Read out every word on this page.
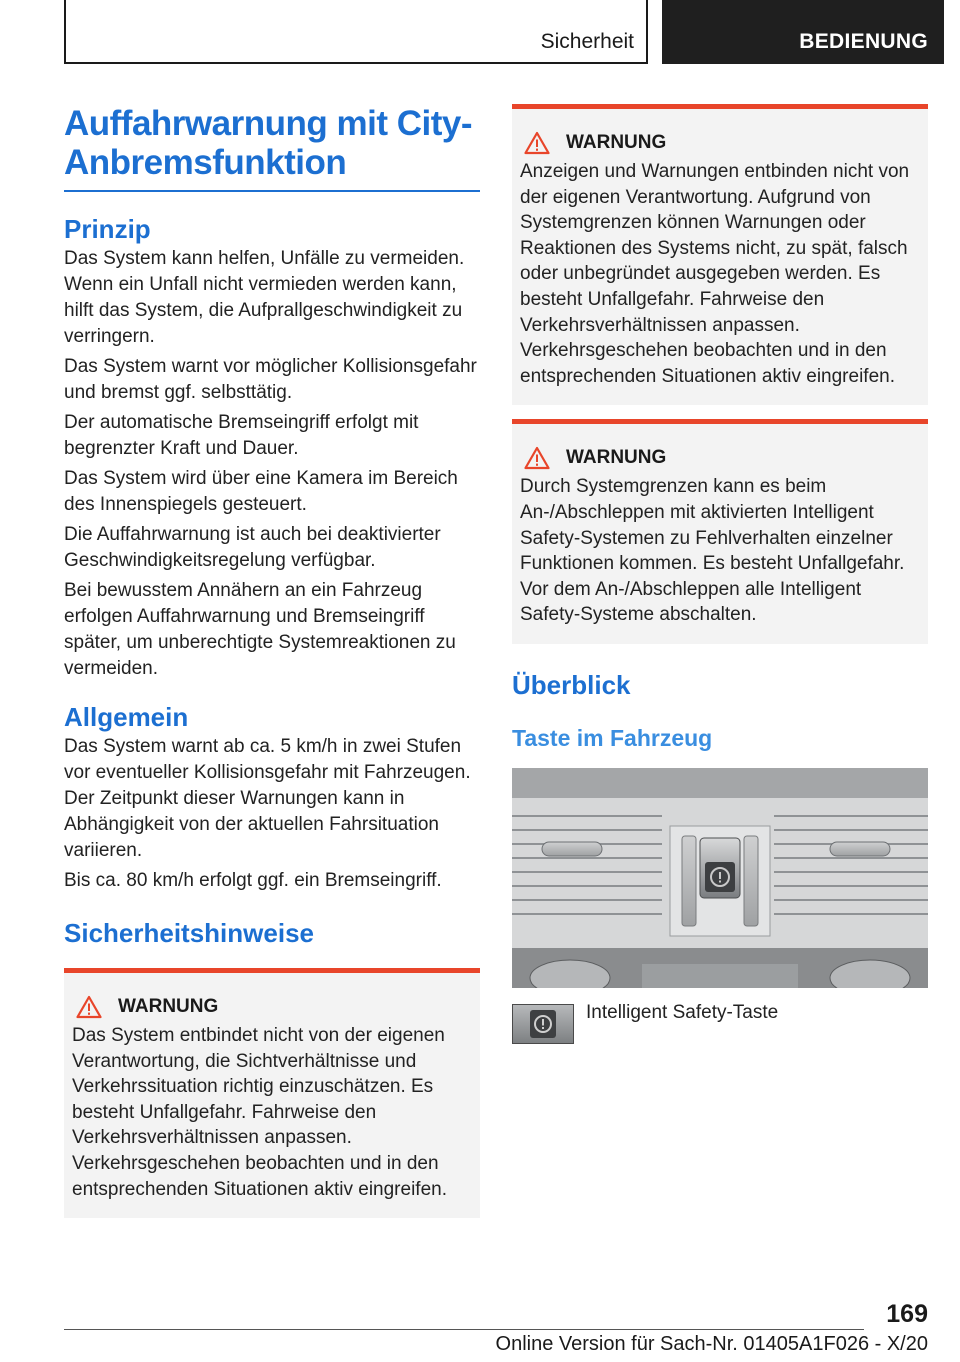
Sicherheit	BEDIENUNG
Auffahrwarnung mit City-Anbremsfunktion
Prinzip

Das System kann helfen, Unfälle zu vermeiden. Wenn ein Unfall nicht vermieden werden kann, hilft das System, die Aufprallgeschwindigkeit zu verringern.

Das System warnt vor möglicher Kollisionsgefahr und bremst ggf. selbsttätig.

Der automatische Bremseingriff erfolgt mit begrenzter Kraft und Dauer.

Das System wird über eine Kamera im Bereich des Innenspiegels gesteuert.

Die Auffahrwarnung ist auch bei deaktivierter Geschwindigkeitsregelung verfügbar.

Bei bewusstem Annähern an ein Fahrzeug erfolgen Auffahrwarnung und Bremseingriff später, um unberechtigte Systemreaktionen zu vermeiden.

Allgemein

Das System warnt ab ca. 5 km/h in zwei Stufen vor eventueller Kollisionsgefahr mit Fahrzeugen. Der Zeitpunkt dieser Warnungen kann in Abhängigkeit von der aktuellen Fahrsituation variieren.

Bis ca. 80 km/h erfolgt ggf. ein Bremseingriff.

Sicherheitshinweise
WARNUNG

Das System entbindet nicht von der eigenen Verantwortung, die Sichtverhältnisse und Verkehrssituation richtig einzuschätzen. Es besteht Unfallgefahr. Fahrweise den Verkehrsverhältnissen anpassen. Verkehrsgeschehen beobachten und in den entsprechenden Situationen aktiv eingreifen.

WARNUNG

Anzeigen und Warnungen entbinden nicht von der eigenen Verantwortung. Aufgrund von Systemgrenzen können Warnungen oder Reaktionen des Systems nicht, zu spät, falsch oder unbegründet ausgegeben werden. Es besteht Unfallgefahr. Fahrweise den Verkehrsverhältnissen anpassen. Verkehrsgeschehen beobachten und in den entsprechenden Situationen aktiv eingreifen.

WARNUNG

Durch Systemgrenzen kann es beim An-/Abschleppen mit aktivierten Intelligent Safety-Systemen zu Fehlverhalten einzelner Funktionen kommen. Es besteht Unfallgefahr. Vor dem An-/Abschleppen alle Intelligent Safety-Systeme abschalten.

Überblick
Taste im Fahrzeug

Intelligent Safety-Taste

169
Online Version für Sach-Nr. 01405A1F026 - X/20
